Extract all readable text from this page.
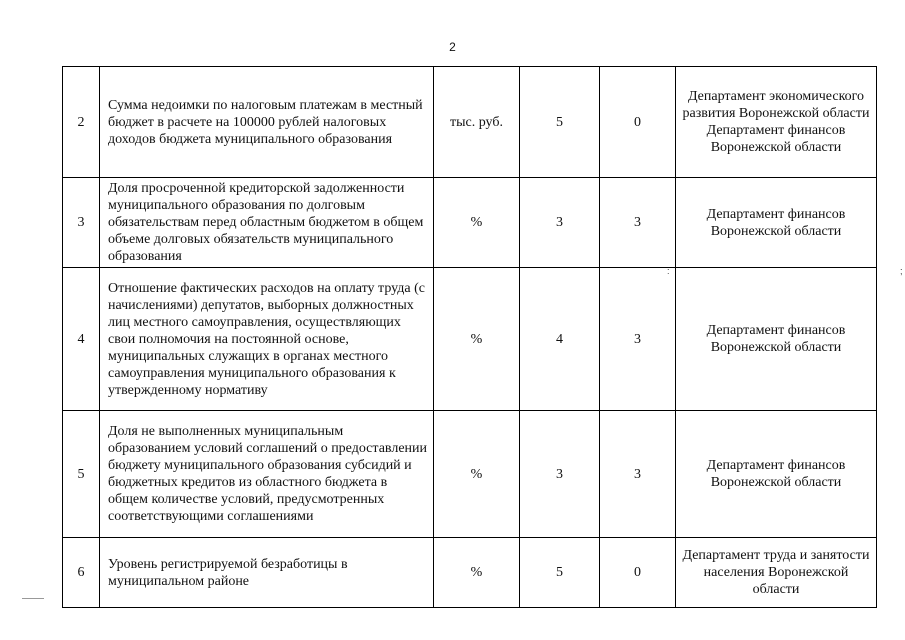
2
2	Сумма недоимки по налоговым платежам в местный бюджет в расчете на 100000 рублей налоговых доходов бюджета муниципального образования	тыс. руб.	5	0	Департамент экономического развития Воронежской области Департамент финансов Воронежской области
3	Доля просроченной кредиторской задолженности муниципального образования по долговым обязательствам перед областным бюджетом в общем объеме долговых обязательств муниципального образования	%	3	3	Департамент финансов Воронежской области
4	Отношение фактических расходов на оплату труда (с начислениями) депутатов, выборных должностных лиц местного самоуправления, осуществляющих свои полномочия на постоянной основе, муниципальных служащих в органах местного самоуправления муниципального образования к утвержденному нормативу	%	4	3	Департамент финансов Воронежской области
5	Доля не выполненных муниципальным образованием условий соглашений о предоставлении бюджету муниципального образования субсидий и бюджетных кредитов из областного бюджета в общем количестве условий, предусмотренных соответствующими соглашениями	%	3	3	Департамент финансов Воронежской области
6	Уровень регистрируемой безработицы в муниципальном районе	%	5	0	Департамент труда и занятости населения Воронежской области
:	;
